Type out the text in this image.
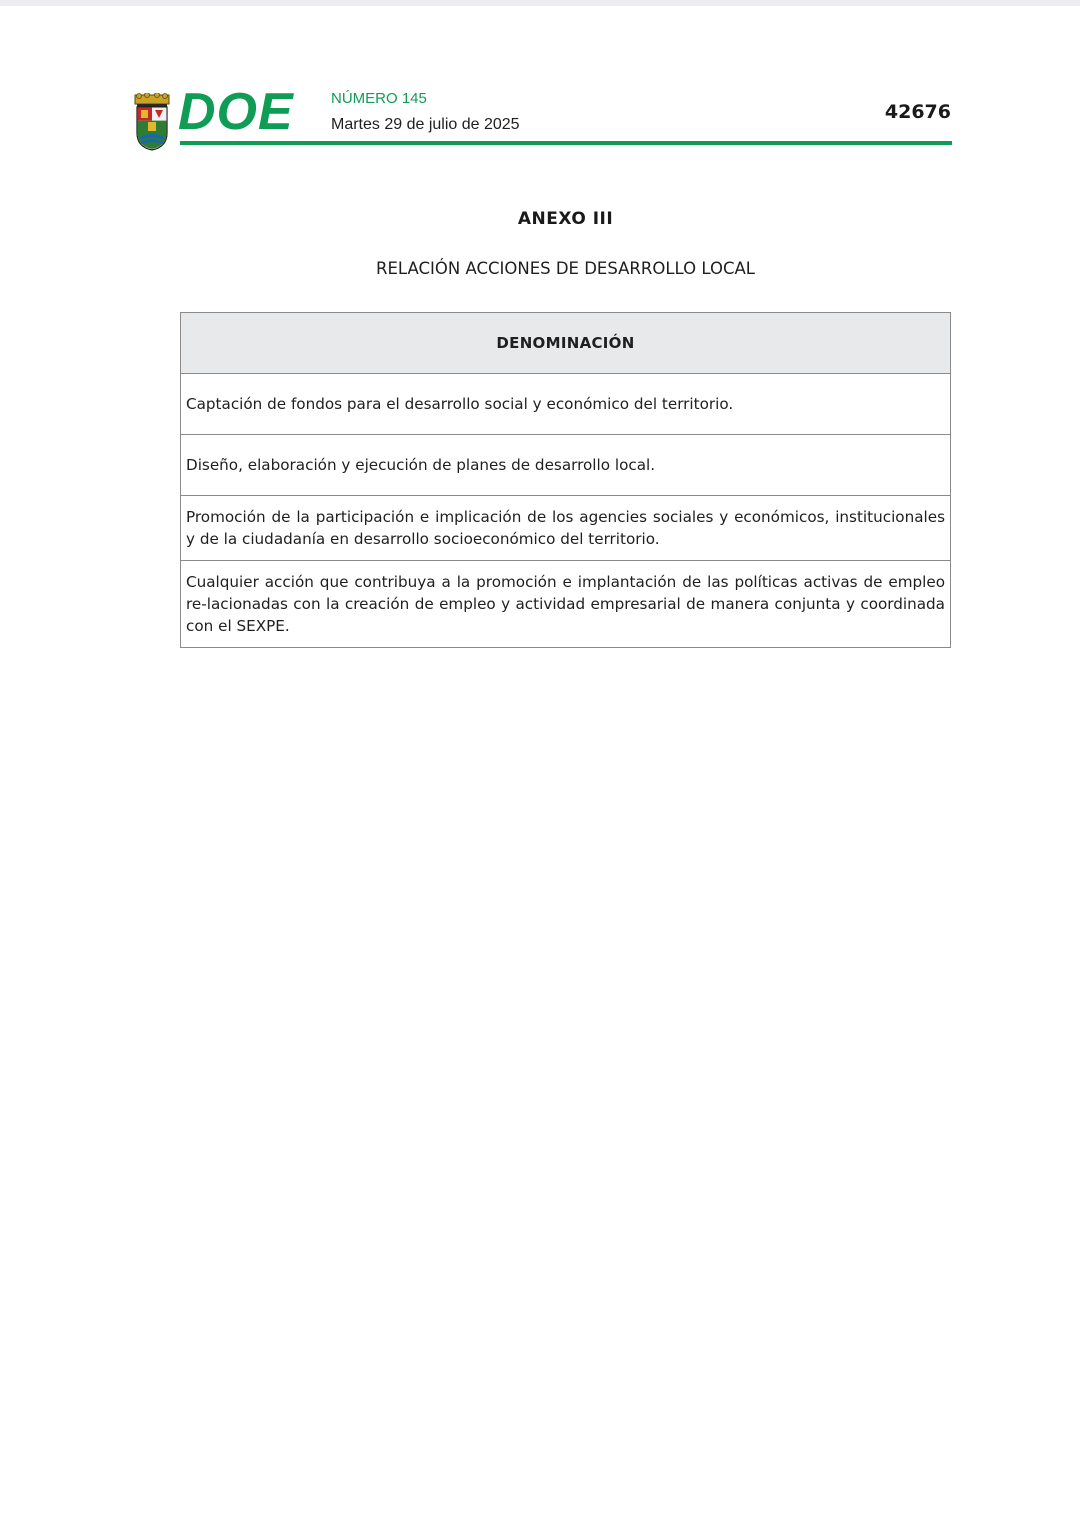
DOE NÚMERO 145
Martes 29 de julio de 2025
42676
ANEXO III
RELACIÓN ACCIONES DE DESARROLLO LOCAL
DENOMINACIÓN
Captación de fondos para el desarrollo social y económico del territorio.
Diseño, elaboración y ejecución de planes de desarrollo local.
Promoción de la participación e implicación de los agencies sociales y económicos, institucionales y de la ciudadanía en desarrollo socioeconómico del territorio.
Cualquier acción que contribuya a la promoción e implantación de las políticas activas de empleo re-lacionadas con la creación de empleo y actividad empresarial de manera conjunta y coordinada con el SEXPE.
